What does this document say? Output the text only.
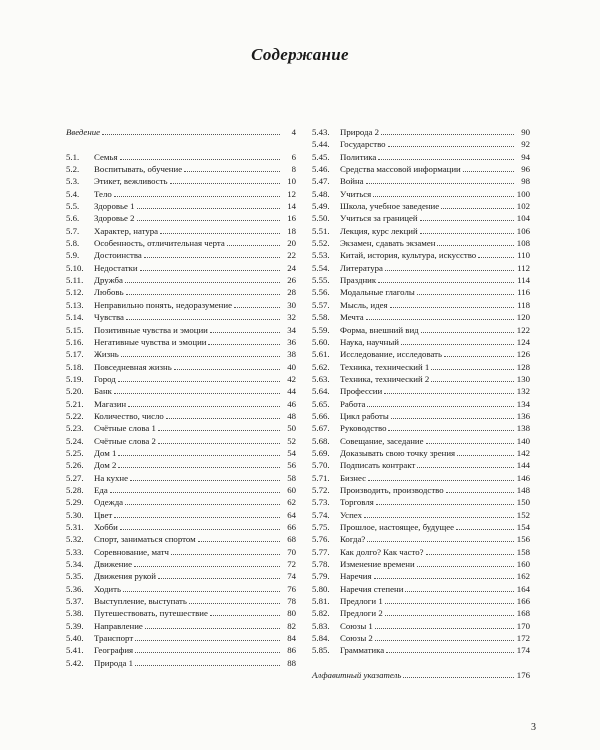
Содержание
Введение	4
5.1.	Семья	6
5.2.	Воспитывать, обучение	8
5.3.	Этикет, вежливость	10
5.4.	Тело	12
5.5.	Здоровье 1	14
5.6.	Здоровье 2	16
5.7.	Характер, натура	18
5.8.	Особенность, отличительная черта	20
5.9.	Достоинства	22
5.10.	Недостатки	24
5.11.	Дружба	26
5.12.	Любовь	28
5.13.	Неправильно понять, недоразумение	30
5.14.	Чувства	32
5.15.	Позитивные чувства и эмоции	34
5.16.	Негативные чувства и эмоции	36
5.17.	Жизнь	38
5.18.	Повседневная жизнь	40
5.19.	Город	42
5.20.	Банк	44
5.21.	Магазин	46
5.22.	Количество, число	48
5.23.	Счётные слова 1	50
5.24.	Счётные слова 2	52
5.25.	Дом 1	54
5.26.	Дом 2	56
5.27.	На кухне	58
5.28.	Еда	60
5.29.	Одежда	62
5.30.	Цвет	64
5.31.	Хобби	66
5.32.	Спорт, заниматься спортом	68
5.33.	Соревнование, матч	70
5.34.	Движение	72
5.35.	Движения рукой	74
5.36.	Ходить	76
5.37.	Выступление, выступать	78
5.38.	Путешествовать, путешествие	80
5.39.	Направление	82
5.40.	Транспорт	84
5.41.	География	86
5.42.	Природа 1	88
5.43.	Природа 2	90
5.44.	Государство	92
5.45.	Политика	94
5.46.	Средства массовой информации	96
5.47.	Война	98
5.48.	Учиться	100
5.49.	Школа, учебное заведение	102
5.50.	Учиться за границей	104
5.51.	Лекция, курс лекций	106
5.52.	Экзамен, сдавать экзамен	108
5.53.	Китай, история, культура, искусство	110
5.54.	Литература	112
5.55.	Праздник	114
5.56.	Модальные глаголы	116
5.57.	Мысль, идея	118
5.58.	Мечта	120
5.59.	Форма, внешний вид	122
5.60.	Наука, научный	124
5.61.	Исследование, исследовать	126
5.62.	Техника, технический 1	128
5.63.	Техника, технический 2	130
5.64.	Профессии	132
5.65.	Работа	134
5.66.	Цикл работы	136
5.67.	Руководство	138
5.68.	Совещание, заседание	140
5.69.	Доказывать свою точку зрения	142
5.70.	Подписать контракт	144
5.71.	Бизнес	146
5.72.	Производить, производство	148
5.73.	Торговля	150
5.74.	Успех	152
5.75.	Прошлое, настоящее, будущее	154
5.76.	Когда?	156
5.77.	Как долго? Как часто?	158
5.78.	Изменение времени	160
5.79.	Наречия	162
5.80.	Наречия степени	164
5.81.	Предлоги 1	166
5.82.	Предлоги 2	168
5.83.	Союзы 1	170
5.84.	Союзы 2	172
5.85.	Грамматика	174
Алфавитный указатель	176
3
